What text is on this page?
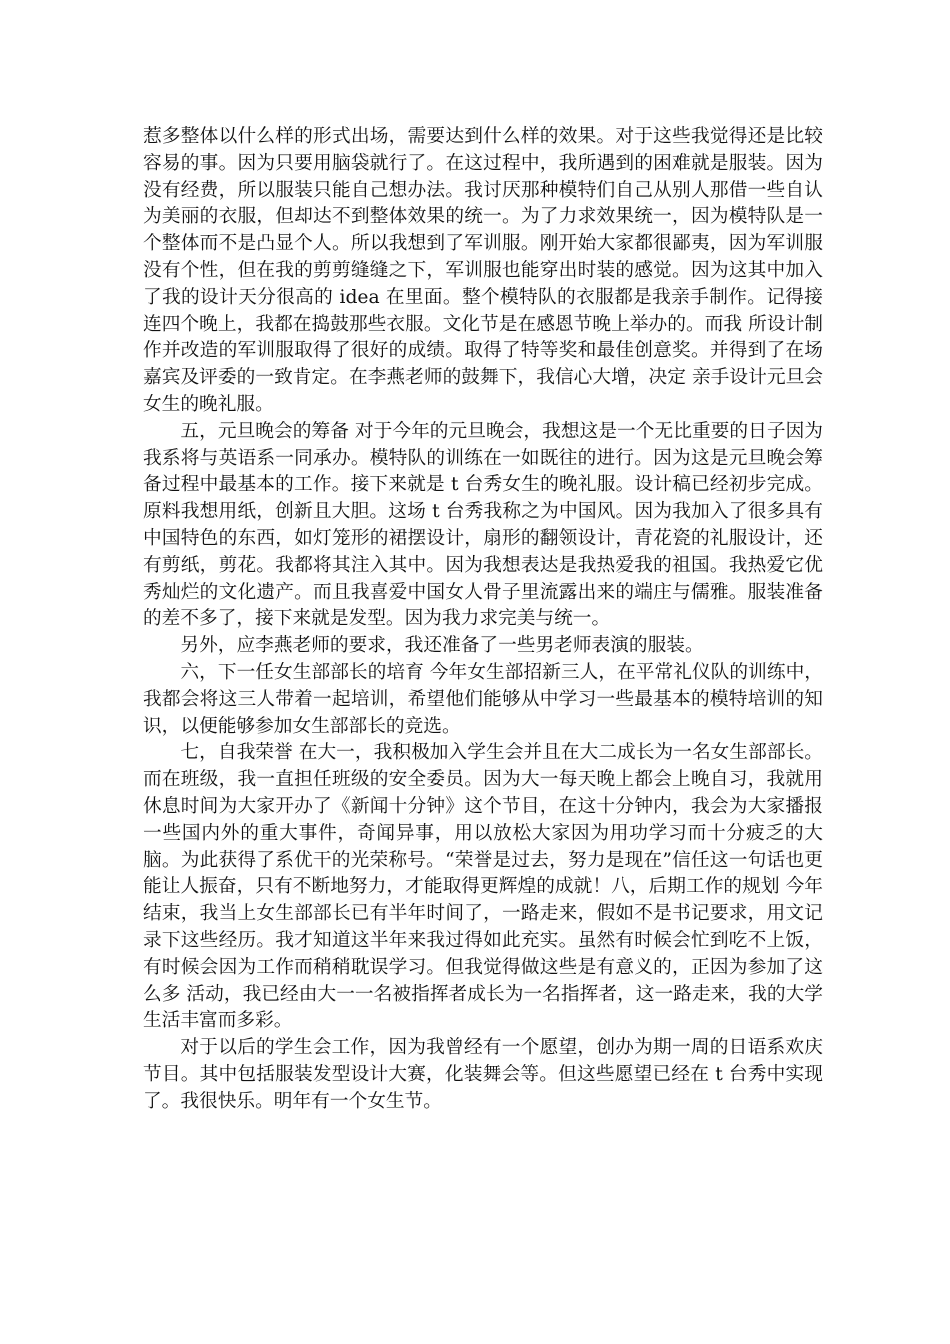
惹多整体以什么样的形式出场，需要达到什么样的效果。对于这些我觉得还是比较容易的事。因为只要用脑袋就行了。在这过程中，我所遇到的困难就是服装。因为没有经费，所以服装只能自己想办法。我讨厌那种模特们自己从别人那借一些自认为美丽的衣服，但却达不到整体效果的统一。为了力求效果统一，因为模特队是一个整体而不是凸显个人。所以我想到了军训服。刚开始大家都很鄙夷，因为军训服没有个性，但在我的剪剪缝缝之下，军训服也能穿出时装的感觉。因为这其中加入了我的设计天分很高的 idea 在里面。整个模特队的衣服都是我亲手制作。记得接连四个晚上，我都在捣鼓那些衣服。文化节是在感恩节晚上举办的。而我 所设计制作并改造的军训服取得了很好的成绩。取得了特等奖和最佳创意奖。并得到了在场嘉宾及评委的一致肯定。在李燕老师的鼓舞下，我信心大增，决定 亲手设计元旦会女生的晚礼服。

五，元旦晚会的筹备 对于今年的元旦晚会，我想这是一个无比重要的日子因为我系将与英语系一同承办。模特队的训练在一如既往的进行。因为这是元旦晚会筹备过程中最基本的工作。接下来就是 t 台秀女生的晚礼服。设计稿已经初步完成。原料我想用纸，创新且大胆。这场 t 台秀我称之为中国风。因为我加入了很多具有中国特色的东西，如灯笼形的裙摆设计，扇形的翻领设计，青花瓷的礼服设计，还有剪纸，剪花。我都将其注入其中。因为我想表达是我热爱我的祖国。我热爱它优秀灿烂的文化遗产。而且我喜爱中国女人骨子里流露出来的端庄与儒雅。服装准备的差不多了，接下来就是发型。因为我力求完美与统一。

另外，应李燕老师的要求，我还准备了一些男老师表演的服装。

六，下一任女生部部长的培育 今年女生部招新三人，在平常礼仪队的训练中，我都会将这三人带着一起培训，希望他们能够从中学习一些最基本的模特培训的知识，以便能够参加女生部部长的竞选。

七，自我荣誉 在大一，我积极加入学生会并且在大二成长为一名女生部部长。而在班级，我一直担任班级的安全委员。因为大一每天晚上都会上晚自习，我就用休息时间为大家开办了《新闻十分钟》这个节目，在这十分钟内，我会为大家播报一些国内外的重大事件，奇闻异事，用以放松大家因为用功学习而十分疲乏的大脑。为此获得了系优干的光荣称号。“荣誉是过去，努力是现在”信任这一句话也更能让人振奋，只有不断地努力，才能取得更辉煌的成就！八，后期工作的规划 今年结束，我当上女生部部长已有半年时间了，一路走来，假如不是书记要求，用文记录下这些经历。我才知道这半年来我过得如此充实。虽然有时候会忙到吃不上饭，有时候会因为工作而稍稍耽误学习。但我觉得做这些是有意义的，正因为参加了这么多 活动，我已经由大一一名被指挥者成长为一名指挥者，这一路走来，我的大学生活丰富而多彩。

对于以后的学生会工作，因为我曾经有一个愿望，创办为期一周的日语系欢庆节目。其中包括服装发型设计大赛，化装舞会等。但这些愿望已经在 t 台秀中实现了。我很快乐。明年有一个女生节。
